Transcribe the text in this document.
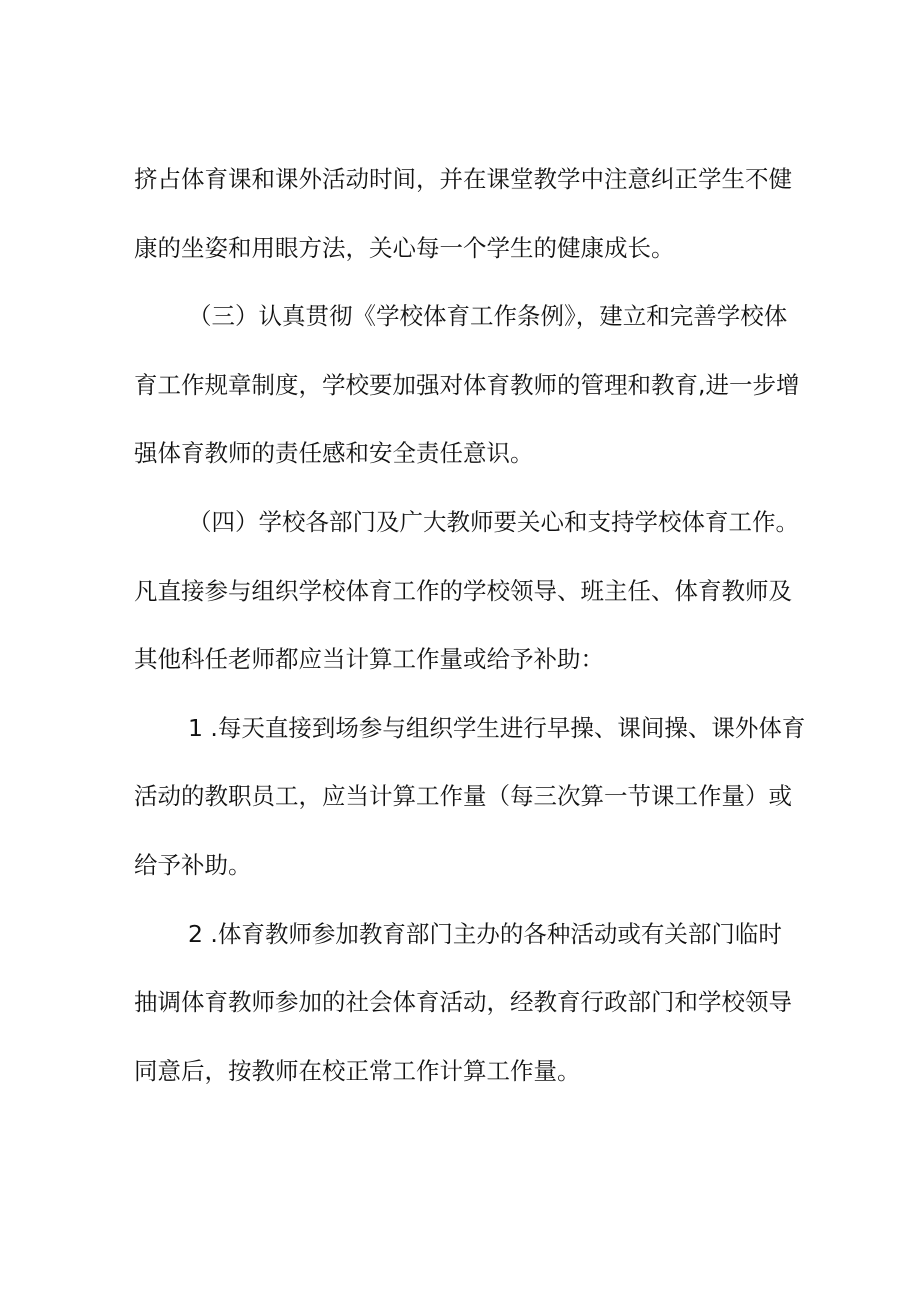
挤占体育课和课外活动时间，并在课堂教学中注意纠正学生不健
康的坐姿和用眼方法，关心每一个学生的健康成长。
（三）认真贯彻《学校体育工作条例》，建立和完善学校体
育工作规章制度，学校要加强对体育教师的管理和教育,进一步增
强体育教师的责任感和安全责任意识。
（四）学校各部门及广大教师要关心和支持学校体育工作。
凡直接参与组织学校体育工作的学校领导、班主任、体育教师及
其他科任老师都应当计算工作量或给予补助：
1 .每天直接到场参与组织学生进行早操、课间操、课外体育
活动的教职员工，应当计算工作量（每三次算一节课工作量）或
给予补助。
2 .体育教师参加教育部门主办的各种活动或有关部门临时
抽调体育教师参加的社会体育活动，经教育行政部门和学校领导
同意后，按教师在校正常工作计算工作量。
